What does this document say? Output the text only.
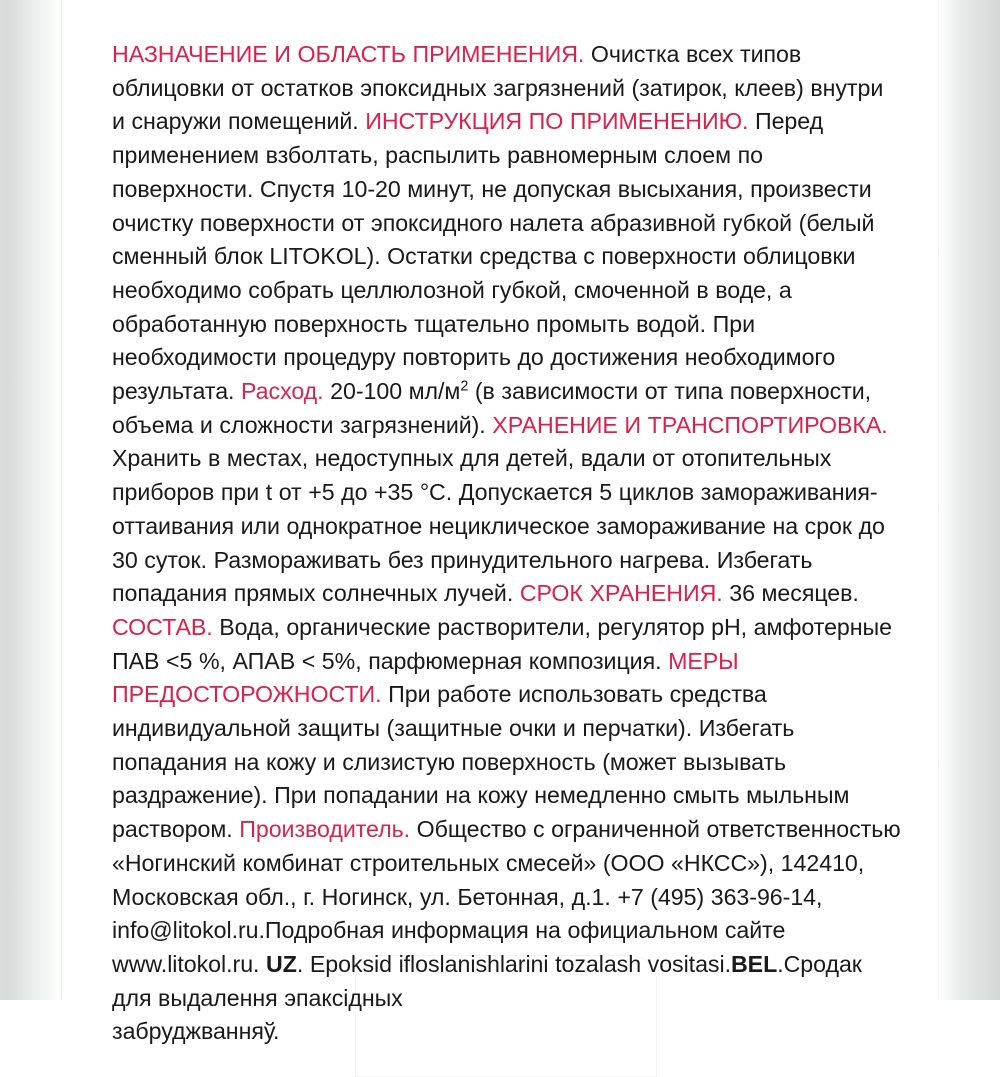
НАЗНАЧЕНИЕ И ОБЛАСТЬ ПРИМЕНЕНИЯ. Очистка всех типов облицовки от остатков эпоксидных загрязнений (затирок, клеев) внутри и снаружи помещений. ИНСТРУКЦИЯ ПО ПРИМЕНЕНИЮ. Перед применением взболтать, распылить равномерным слоем по поверхности. Спустя 10-20 минут, не допуская высыхания, произвести очистку поверхности от эпоксидного налета абразивной губкой (белый сменный блок LITOKOL). Остатки средства с поверхности облицовки необходимо собрать целлюлозной губкой, смоченной в воде, а обработанную поверхность тщательно промыть водой. При необходимости процедуру повторить до достижения необходимого результата. Расход. 20-100 $мл/м^2$ (в зависимости от типа поверхности, объема и сложности загрязнений). ХРАНЕНИЕ И ТРАНСПОРТИРОВКА. Хранить в местах, недоступных для детей, вдали от отопительных приборов при t от +5 до +35 °C. Допускается 5 циклов замораживания-оттаивания или однократное нециклическое замораживание на срок до 30 суток. Размораживать без принудительного нагрева. Избегать попадания прямых солнечных лучей. СРОК ХРАНЕНИЯ. 36 месяцев. СОСТАВ. Вода, органические растворители, регулятор pH, амфотерные ПАВ <5 %, АПАВ < 5%, парфюмерная композиция. МЕРЫ ПРЕДОСТОРОЖНОСТИ. При работе использовать средства индивидуальной защиты (защитные очки и перчатки). Избегать попадания на кожу и слизистую поверхность (может вызывать раздражение). При попадании на кожу немедленно смыть мыльным раствором. Производитель. Общество с ограниченной ответственностью «Ногинский комбинат строительных смесей» (ООО «НКСС»), 142410, Московская обл., г. Ногинск, ул. Бетонная, д.1. +7 (495) 363-96-14, info@litokol.ru.Подробная информация на официальном сайте www.litokol.ru. UZ. Epoksid ifloslanishlarini tozalash vositasi.BEL.Сродак для выдалення эпаксідных
забруджванняў.
